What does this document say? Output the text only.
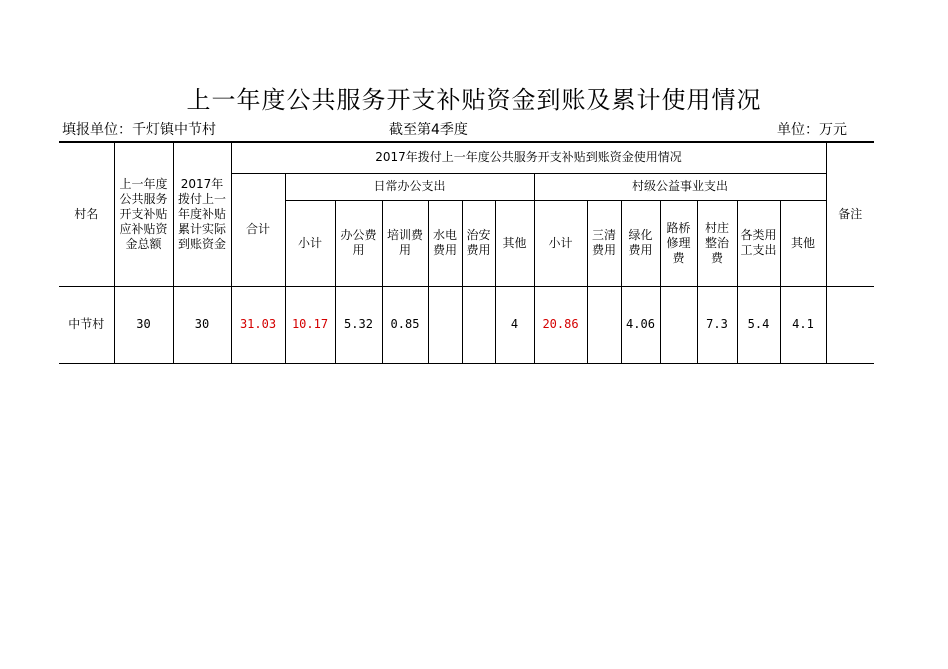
上一年度公共服务开支补贴资金到账及累计使用情况
填报单位：千灯镇中节村	截至第4季度	单位：万元
村名	上一年度公共服务开支补贴应补贴资金总额	2017年拨付上一年度补贴累计实际到账资金	2017年拨付上一年度公共服务开支补贴到账资金使用情况														备注
			合计	日常办公支出						村级公益事业支出							
				小计	办公费用	培训费用	水电费用	治安费用	其他	小计	三清费用	绿化费用	路桥修理费	村庄整治费	各类用工支出	其他	
中节村	30	30	31.03	10.17	5.32	0.85			4	20.86		4.06		7.3	5.4	4.1	
